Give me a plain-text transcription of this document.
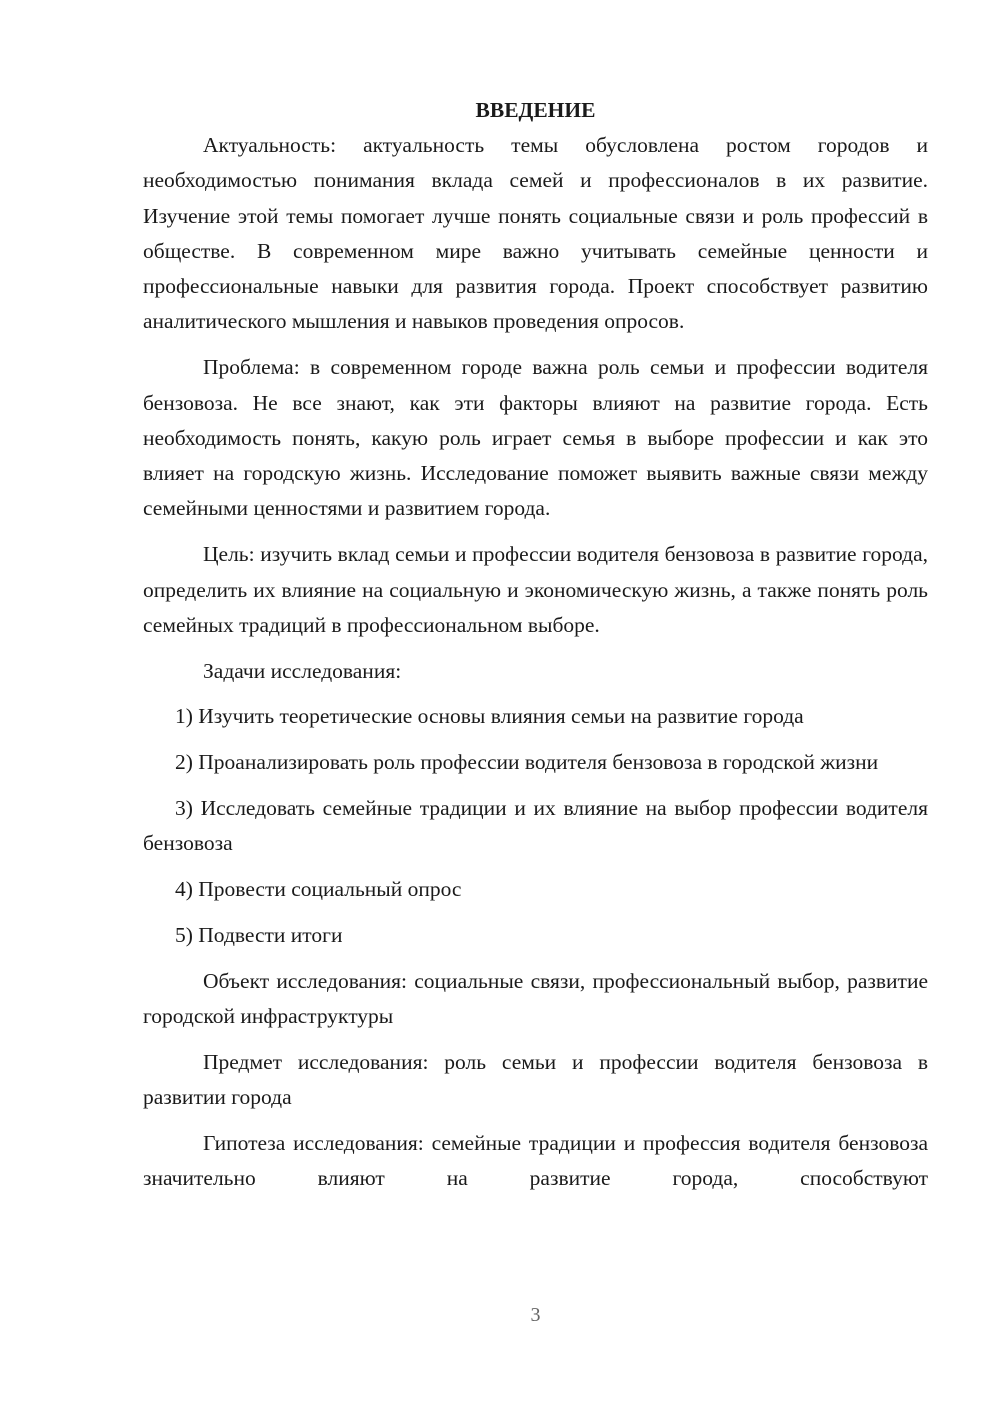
ВВЕДЕНИЕ

Актуальность: актуальность темы обусловлена ростом городов и необходимостью понимания вклада семей и профессионалов в их развитие. Изучение этой темы помогает лучше понять социальные связи и роль профессий в обществе. В современном мире важно учитывать семейные ценности и профессиональные навыки для развития города. Проект способствует развитию аналитического мышления и навыков проведения опросов.

Проблема: в современном городе важна роль семьи и профессии водителя бензовоза. Не все знают, как эти факторы влияют на развитие города. Есть необходимость понять, какую роль играет семья в выборе профессии и как это влияет на городскую жизнь. Исследование поможет выявить важные связи между семейными ценностями и развитием города.

Цель: изучить вклад семьи и профессии водителя бензовоза в развитие города, определить их влияние на социальную и экономическую жизнь, а также понять роль семейных традиций в профессиональном выборе.

Задачи исследования:

1) Изучить теоретические основы влияния семьи на развитие города

2) Проанализировать роль профессии водителя бензовоза в городской жизни

3) Исследовать семейные традиции и их влияние на выбор профессии водителя бензовоза

4) Провести социальный опрос

5) Подвести итоги

Объект исследования: социальные связи, профессиональный выбор, развитие городской инфраструктуры

Предмет исследования: роль семьи и профессии водителя бензовоза в развитии города

Гипотеза исследования: семейные традиции и профессия водителя бензовоза значительно влияют на развитие города, способствуют

3
